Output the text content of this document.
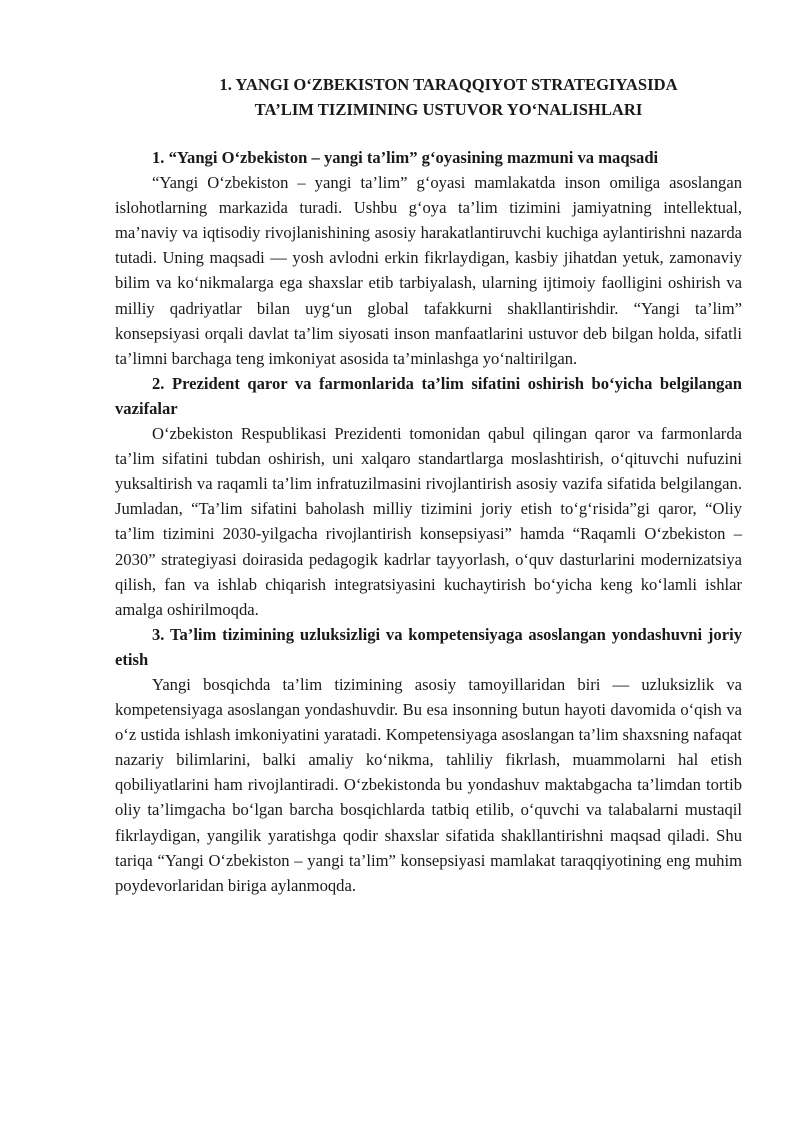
1. YANGI O‘ZBEKISTON TARAQQIYOT STRATEGIYASIDA
TA’LIM TIZIMINING USTUVOR YO‘NALISHLARI

1. “Yangi O‘zbekiston – yangi ta’lim” g‘oyasining mazmuni va maqsadi

“Yangi O‘zbekiston – yangi ta’lim” g‘oyasi mamlakatda inson omiliga asoslangan islohotlarning markazida turadi. Ushbu g‘oya ta’lim tizimini jamiyatning intellektual, ma’naviy va iqtisodiy rivojlanishining asosiy harakatlantiruvchi kuchiga aylantirishni nazarda tutadi. Uning maqsadi — yosh avlodni erkin fikrlaydigan, kasbiy jihatdan yetuk, zamonaviy bilim va ko‘nikmalarga ega shaxslar etib tarbiyalash, ularning ijtimoiy faolligini oshirish va milliy qadriyatlar bilan uyg‘un global tafakkurni shakllantirishdir. “Yangi ta’lim” konsepsiyasi orqali davlat ta’lim siyosati inson manfaatlarini ustuvor deb bilgan holda, sifatli ta’limni barchaga teng imkoniyat asosida ta’minlashga yo‘naltirilgan.

2. Prezident qaror va farmonlarida ta’lim sifatini oshirish bo‘yicha belgilangan vazifalar

O‘zbekiston Respublikasi Prezidenti tomonidan qabul qilingan qaror va farmonlarda ta’lim sifatini tubdan oshirish, uni xalqaro standartlarga moslashtirish, o‘qituvchi nufuzini yuksaltirish va raqamli ta’lim infratuzilmasini rivojlantirish asosiy vazifa sifatida belgilangan. Jumladan, “Ta’lim sifatini baholash milliy tizimini joriy etish to‘g‘risida”gi qaror, “Oliy ta’lim tizimini 2030-yilgacha rivojlantirish konsepsiyasi” hamda “Raqamli O‘zbekiston – 2030” strategiyasi doirasida pedagogik kadrlar tayyorlash, o‘quv dasturlarini modernizatsiya qilish, fan va ishlab chiqarish integratsiyasini kuchaytirish bo‘yicha keng ko‘lamli ishlar amalga oshirilmoqda.

3. Ta’lim tizimining uzluksizligi va kompetensiyaga asoslangan yondashuvni joriy etish

Yangi bosqichda ta’lim tizimining asosiy tamoyillaridan biri — uzluksizlik va kompetensiyaga asoslangan yondashuvdir. Bu esa insonning butun hayoti davomida o‘qish va o‘z ustida ishlash imkoniyatini yaratadi. Kompetensiyaga asoslangan ta’lim shaxsning nafaqat nazariy bilimlarini, balki amaliy ko‘nikma, tahliliy fikrlash, muammolarni hal etish qobiliyatlarini ham rivojlantiradi. O‘zbekistonda bu yondashuv maktabgacha ta’limdan tortib oliy ta’limgacha bo‘lgan barcha bosqichlarda tatbiq etilib, o‘quvchi va talabalarni mustaqil fikrlaydigan, yangilik yaratishga qodir shaxslar sifatida shakllantirishni maqsad qiladi. Shu tariqa “Yangi O‘zbekiston – yangi ta’lim” konsepsiyasi mamlakat taraqqiyotining eng muhim poydevorlaridan biriga aylanmoqda.
